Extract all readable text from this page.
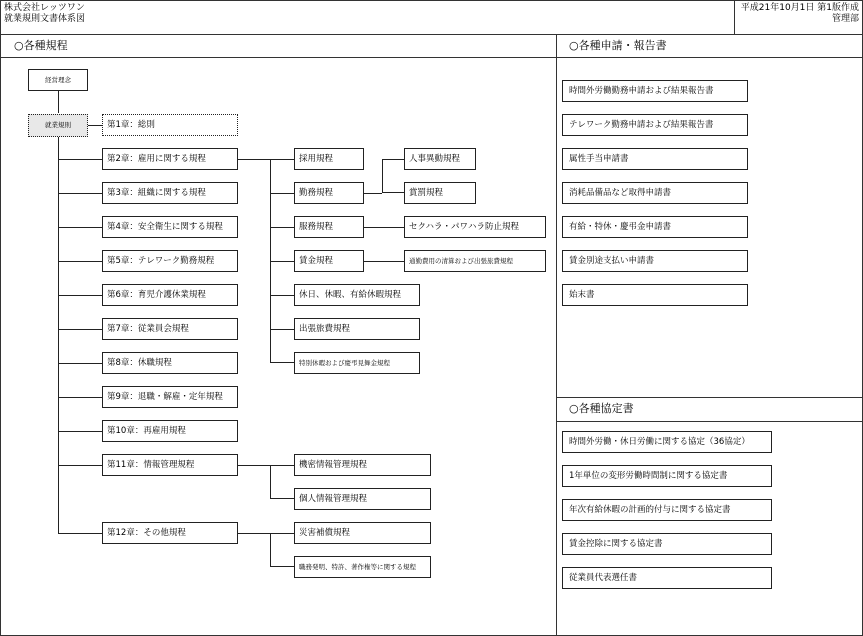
株式会社レッツワン
就業規則文書体系図
平成21年10月1日 第1版作成
管理部
○各種規程	○各種申請・報告書
○各種協定書
経営理念
就業規則	第1章：総則
第2章：雇用に関する規程
第3章：組織に関する規程
第4章：安全衛生に関する規程
第5章：テレワーク勤務規程
第6章：育児介護休業規程
第7章：従業員会規程
第8章：休職規程
第9章：退職・解雇・定年規程
第10章：再雇用規程
第11章：情報管理規程
第12章：その他規程
採用規程
勤務規程
服務規程
賃金規程
休日、休暇、有給休暇規程
出張旅費規程
特別休暇および慶弔見舞金規程
人事異動規程
賞罰規程
セクハラ・パワハラ防止規程
通勤費用の清算および出張旅費規程
機密情報管理規程
個人情報管理規程
災害補償規程
職務発明、特許、著作権等に関する規程
時間外労働勤務申請および結果報告書
テレワーク勤務申請および結果報告書
属性手当申請書
消耗品備品など取得申請書
有給・特休・慶弔金申請書
賃金別途支払い申請書
始末書
時間外労働・休日労働に関する協定（36協定）
1年単位の変形労働時間制に関する協定書
年次有給休暇の計画的付与に関する協定書
賃金控除に関する協定書
従業員代表選任書
